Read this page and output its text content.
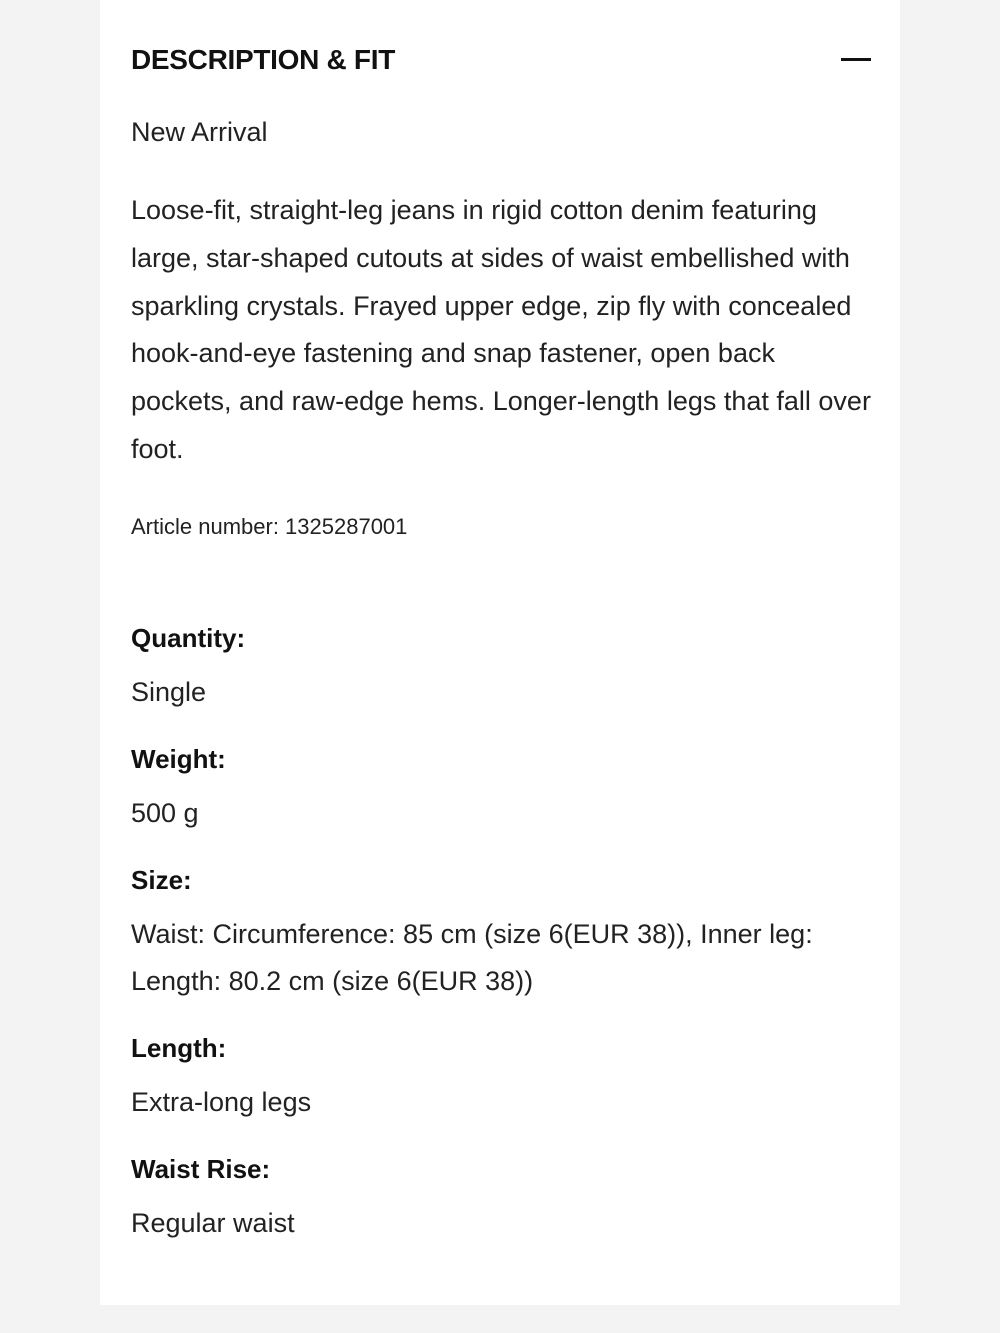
DESCRIPTION & FIT

New Arrival

Loose-fit, straight-leg jeans in rigid cotton denim featuring large, star-shaped cutouts at sides of waist embellished with sparkling crystals. Frayed upper edge, zip fly with concealed hook-and-eye fastening and snap fastener, open back pockets, and raw-edge hems. Longer-length legs that fall over foot.

Article number: 1325287001

Quantity:

Single

Weight:

500 g

Size:

Waist: Circumference: 85 cm (size 6(EUR 38)), Inner leg: Length: 80.2 cm (size 6(EUR 38))

Length:

Extra-long legs

Waist Rise:

Regular waist
